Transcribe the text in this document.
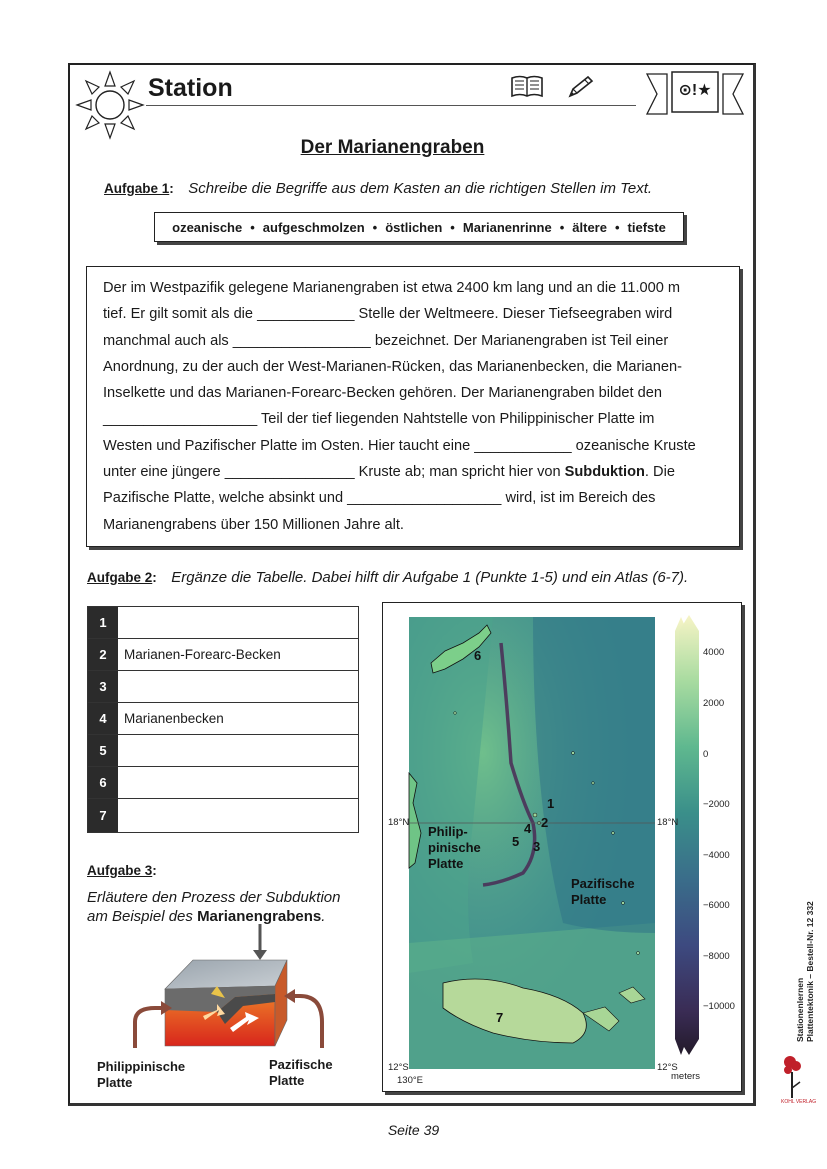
Station	⊙!★
Der Marianengraben
Aufgabe 1: Schreibe die Begriffe aus dem Kasten an die richtigen Stellen im Text.
ozeanische • aufgeschmolzen • östlichen • Marianenrinne • ältere • tiefste

Der im Westpazifik gelegene Marianengraben ist etwa 2400 km lang und an die 11.000 m

tief. Er gilt somit als die ____________ Stelle der Weltmeere. Dieser Tiefseegraben wird

manchmal auch als _________________ bezeichnet. Der Marianengraben ist Teil einer

Anordnung, zu der auch der West-Marianen-Rücken, das Marianenbecken, die Marianen-

Inselkette und das Marianen-Forearc-Becken gehören. Der Marianengraben bildet den

___________________ Teil der tief liegenden Nahtstelle von Philippinischer Platte im

Westen und Pazifischer Platte im Osten. Hier taucht eine ____________ ozeanische Kruste

unter eine jüngere ________________ Kruste ab; man spricht hier von Subduktion. Die

Pazifische Platte, welche absinkt und ___________________ wird, ist im Bereich des

Marianengrabens über 150 Millionen Jahre alt.

Aufgabe 2: Ergänze die Tabelle. Dabei hilft dir Aufgabe 1 (Punkte 1-5) und ein Atlas (6-7).
1
2	Marianen-Forearc-Becken
3
4	Marianenbecken
5
6
7
Aufgabe 3:
Erläutere den Prozess der Subduktion
am Beispiel des Marianengrabens.
Philippinische
Platte
Pazifische
Platte
18°N	18°N
12°S	12°S
130°E
Philip-
pinische
Platte
Pazifische
Platte
1
2
3
4
5
6
7
4000
2000
0
−2000
−4000
−6000
−8000
−10000
meters
Stationenlernen Plattentektonik – Bestell-Nr. 12 332
KOHL VERLAG
Seite 39
